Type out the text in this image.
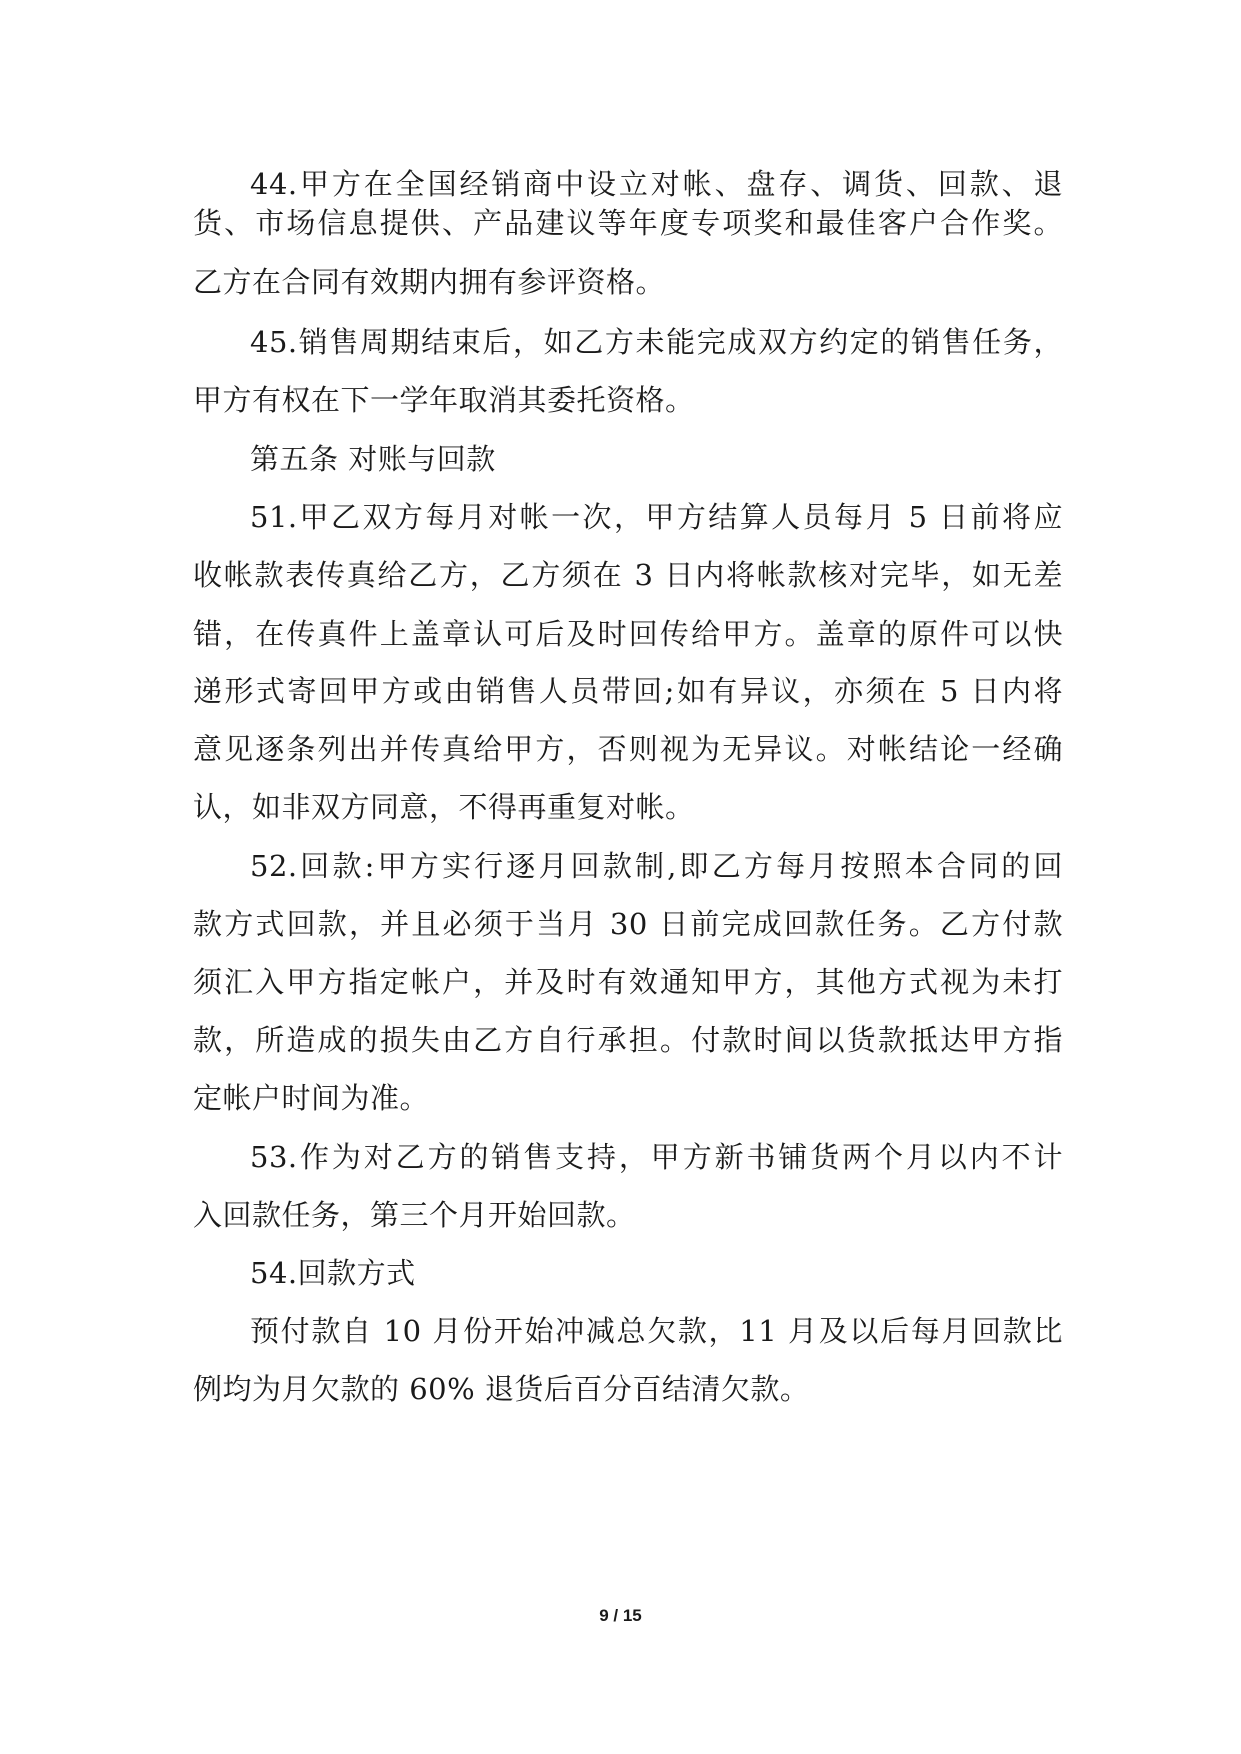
44.甲方在全国经销商中设立对帐、盘存、调货、回款、退
货、市场信息提供、产品建议等年度专项奖和最佳客户合作奖。
乙方在合同有效期内拥有参评资格。
45.销售周期结束后，如乙方未能完成双方约定的销售任务，
甲方有权在下一学年取消其委托资格。
第五条 对账与回款
51.甲乙双方每月对帐一次，甲方结算人员每月 5 日前将应
收帐款表传真给乙方，乙方须在 3 日内将帐款核对完毕，如无差
错，在传真件上盖章认可后及时回传给甲方。盖章的原件可以快
递形式寄回甲方或由销售人员带回;如有异议，亦须在 5 日内将
意见逐条列出并传真给甲方，否则视为无异议。对帐结论一经确
认，如非双方同意，不得再重复对帐。
52.回款:甲方实行逐月回款制,即乙方每月按照本合同的回
款方式回款，并且必须于当月 30 日前完成回款任务。乙方付款
须汇入甲方指定帐户，并及时有效通知甲方，其他方式视为未打
款，所造成的损失由乙方自行承担。付款时间以货款抵达甲方指
定帐户时间为准。
53.作为对乙方的销售支持，甲方新书铺货两个月以内不计
入回款任务，第三个月开始回款。
54.回款方式
预付款自 10 月份开始冲减总欠款，11 月及以后每月回款比
例均为月欠款的 60% 退货后百分百结清欠款。
9 / 15
